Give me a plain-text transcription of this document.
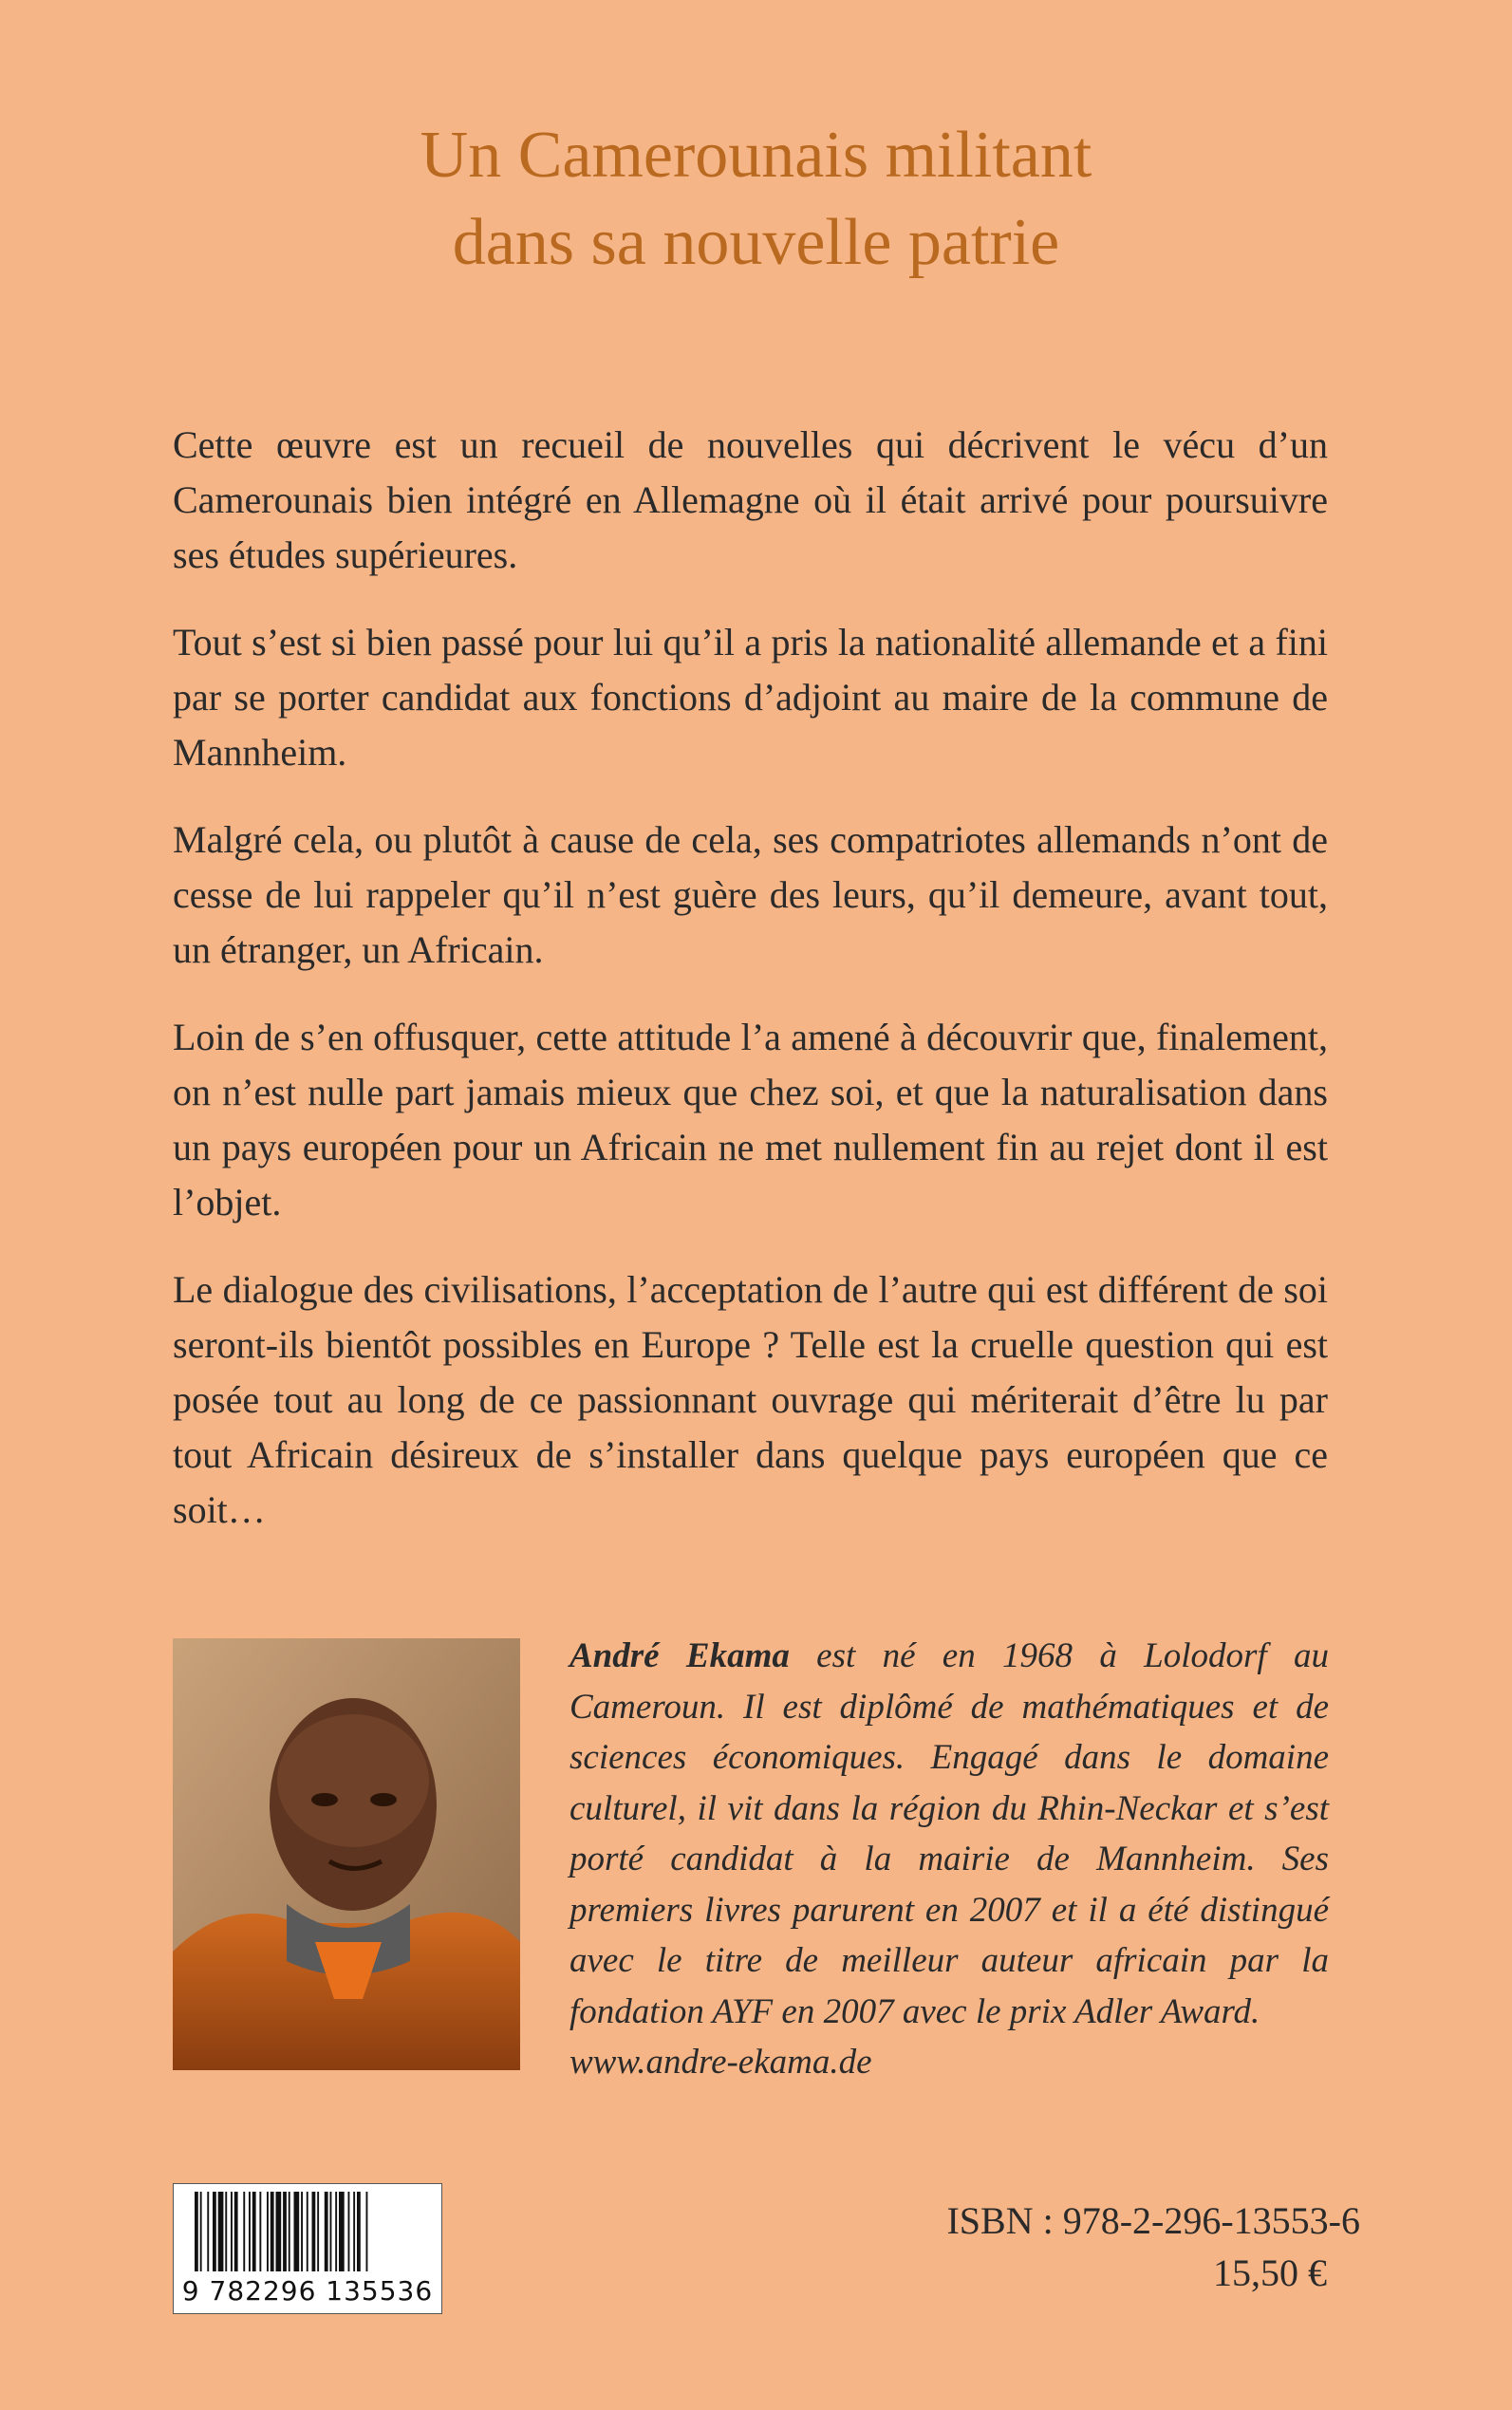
Un Camerounais militant
dans sa nouvelle patrie

Cette œuvre est un recueil de nouvelles qui décrivent le vécu d’un Camerounais bien intégré en Allemagne où il était arrivé pour poursuivre ses études supérieures.

Tout s’est si bien passé pour lui qu’il a pris la nationalité allemande et a fini par se porter candidat aux fonctions d’adjoint au maire de la commune de Mannheim.

Malgré cela, ou plutôt à cause de cela, ses compatriotes allemands n’ont de cesse de lui rappeler qu’il n’est guère des leurs, qu’il demeure, avant tout, un étranger, un Africain.

Loin de s’en offusquer, cette attitude l’a amené à découvrir que, finalement, on n’est nulle part jamais mieux que chez soi, et que la naturalisation dans un pays européen pour un Africain ne met nullement fin au rejet dont il est l’objet.

Le dialogue des civilisations, l’acceptation de l’autre qui est différent de soi seront-ils bientôt possibles en Europe ? Telle est la cruelle question qui est posée tout au long de ce passionnant ouvrage qui mériterait d’être lu par tout Africain désireux de s’installer dans quelque pays européen que ce soit…

André Ekama est né en 1968 à Lolodorf au Cameroun. Il est diplômé de mathématiques et de sciences économiques. Engagé dans le domaine culturel, il vit dans la région du Rhin-Neckar et s’est porté candidat à la mairie de Mannheim. Ses premiers livres parurent en 2007 et il a été distingué avec le titre de meilleur auteur africain par la fondation AYF en 2007 avec le prix Adler Award.
www.andre-ekama.de
9 782296 135536
ISBN : 978-2-296-13553-6
15,50 €
